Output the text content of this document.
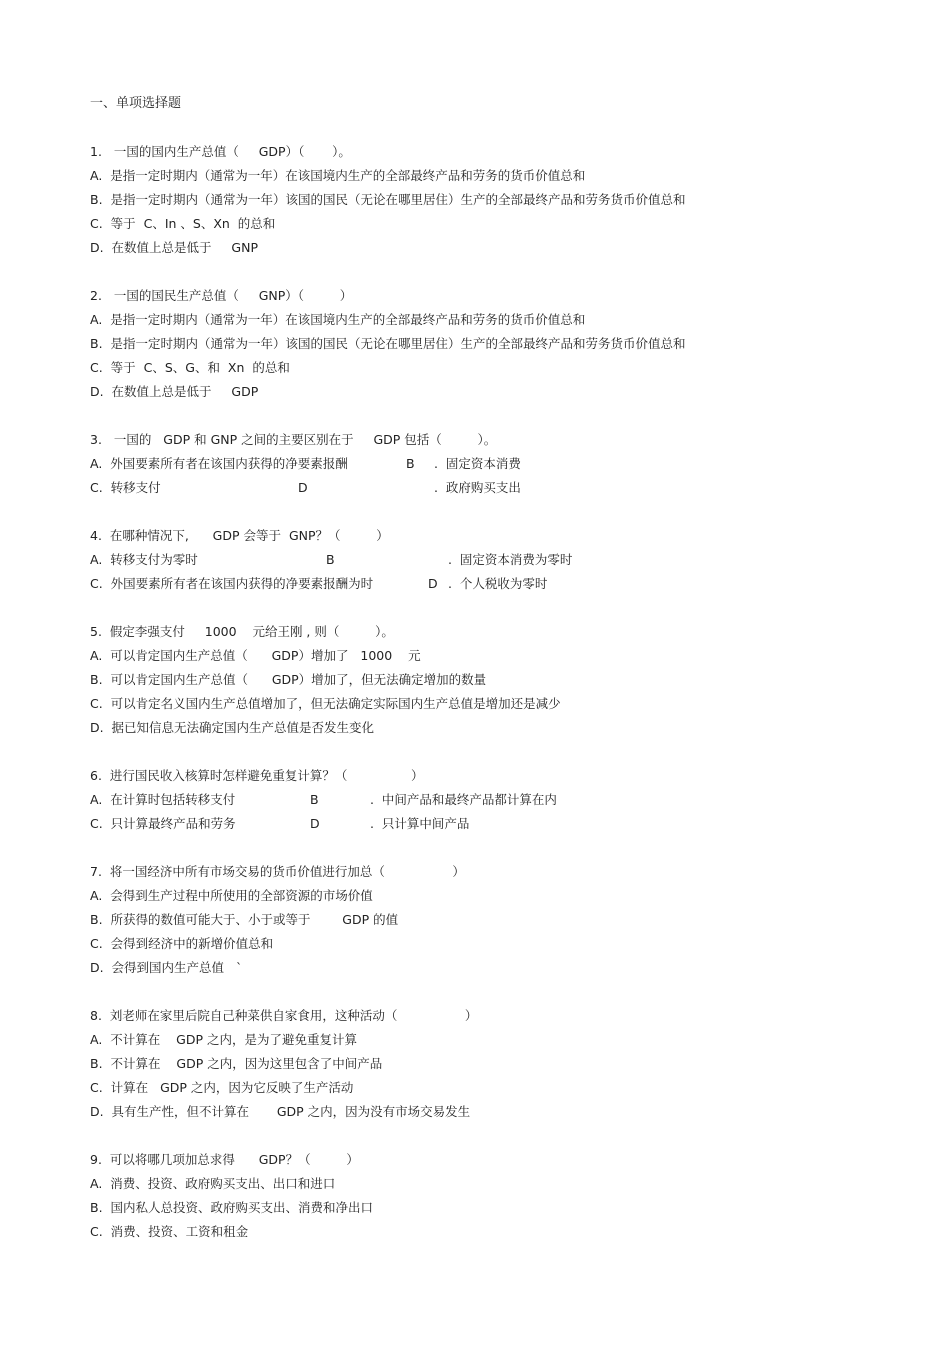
一、单项选择题
1.   一国的国内生产总值（     GDP）（       ）。
A.  是指一定时期内（通常为一年）在该国境内生产的全部最终产品和劳务的货币价值总和
B.  是指一定时期内（通常为一年）该国的国民（无论在哪里居住）生产的全部最终产品和劳务货币价值总和
C.  等于  C、In 、S、Xn  的总和
D.  在数值上总是低于     GNP
2.   一国的国民生产总值（     GNP）（         ）
A.  是指一定时期内（通常为一年）在该国境内生产的全部最终产品和劳务的货币价值总和
B.  是指一定时期内（通常为一年）该国的国民（无论在哪里居住）生产的全部最终产品和劳务货币价值总和
C.  等于  C、S、G、和  Xn  的总和
D.  在数值上总是低于     GDP
3.   一国的   GDP 和 GNP 之间的主要区别在于     GDP 包括（         ）。
A.  外国要素所有者在该国内获得的净要素报酬	B .  固定资本消费
C.  转移支付	D	.  政府购买支出
4.  在哪种情况下,      GDP 会等于  GNP？（         ）
A.  转移支付为零时	B	.  固定资本消费为零时
C.  外国要素所有者在该国内获得的净要素报酬为时	D .  个人税收为零时
5.  假定李强支付     1000    元给王刚 , 则（         ）。
A.  可以肯定国内生产总值（      GDP）增加了   1000    元
B.  可以肯定国内生产总值（      GDP）增加了，但无法确定增加的数量
C.  可以肯定名义国内生产总值增加了，但无法确定实际国内生产总值是增加还是减少
D.  据已知信息无法确定国内生产总值是否发生变化
6.  进行国民收入核算时怎样避免重复计算？（                ）
A.  在计算时包括转移支付	B	.  中间产品和最终产品都计算在内
C.  只计算最终产品和劳务	D	.  只计算中间产品
7.  将一国经济中所有市场交易的货币价值进行加总（                 ）
A.  会得到生产过程中所使用的全部资源的市场价值
B.  所获得的数值可能大于、小于或等于        GDP 的值
C.  会得到经济中的新增价值总和
D.  会得到国内生产总值   `
8.  刘老师在家里后院自己种菜供自家食用，这种活动（                 ）
A.  不计算在    GDP 之内，是为了避免重复计算
B.  不计算在    GDP 之内，因为这里包含了中间产品
C.  计算在   GDP 之内，因为它反映了生产活动
D.  具有生产性，但不计算在       GDP 之内，因为没有市场交易发生
9.  可以将哪几项加总求得      GDP？（         ）
A.  消费、投资、政府购买支出、出口和进口
B.  国内私人总投资、政府购买支出、消费和净出口
C.  消费、投资、工资和租金
